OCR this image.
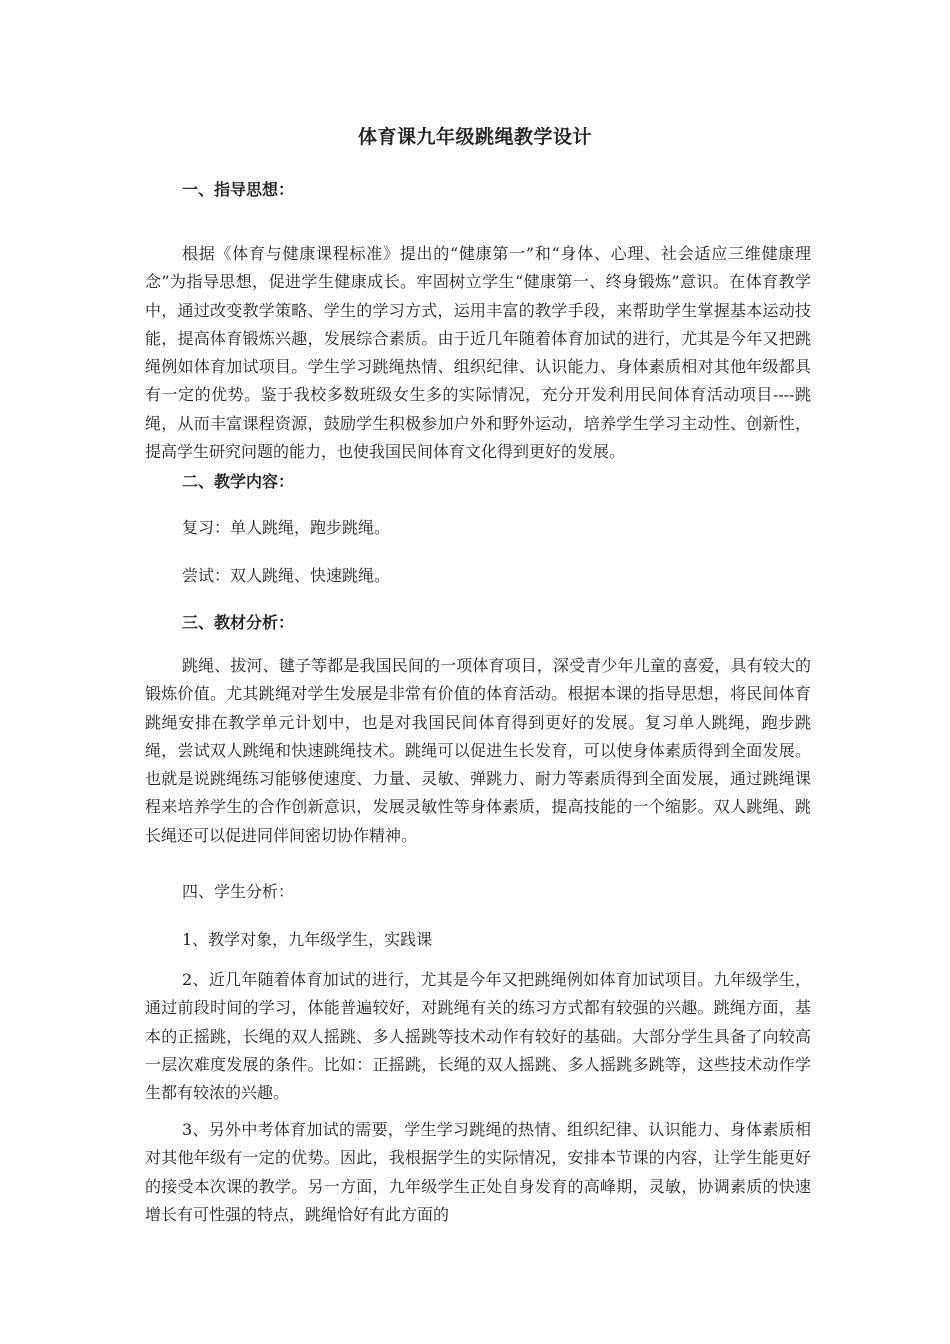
体育课九年级跳绳教学设计

一、指导思想：

根据《体育与健康课程标准》提出的“健康第一”和“身体、心理、社会适应三维健康理念”为指导思想，促进学生健康成长。牢固树立学生“健康第一、终身锻炼”意识。在体育教学中，通过改变教学策略、学生的学习方式，运用丰富的教学手段，来帮助学生掌握基本运动技能，提高体育锻炼兴趣，发展综合素质。由于近几年随着体育加试的进行，尤其是今年又把跳绳例如体育加试项目。学生学习跳绳热情、组织纪律、认识能力、身体素质相对其他年级都具有一定的优势。鉴于我校多数班级女生多的实际情况，充分开发利用民间体育活动项目----跳绳，从而丰富课程资源，鼓励学生积极参加户外和野外运动，培养学生学习主动性、创新性，提高学生研究问题的能力，也使我国民间体育文化得到更好的发展。

二、教学内容：

复习：单人跳绳，跑步跳绳。

尝试：双人跳绳、快速跳绳。

三、教材分析：

跳绳、拔河、毽子等都是我国民间的一项体育项目，深受青少年儿童的喜爱，具有较大的锻炼价值。尤其跳绳对学生发展是非常有价值的体育活动。根据本课的指导思想，将民间体育跳绳安排在教学单元计划中，也是对我国民间体育得到更好的发展。复习单人跳绳，跑步跳绳，尝试双人跳绳和快速跳绳技术。跳绳可以促进生长发育，可以使身体素质得到全面发展。也就是说跳绳练习能够使速度、力量、灵敏、弹跳力、耐力等素质得到全面发展，通过跳绳课程来培养学生的合作创新意识，发展灵敏性等身体素质，提高技能的一个缩影。双人跳绳、跳长绳还可以促进同伴间密切协作精神。

四、学生分析：

1、教学对象，九年级学生，实践课

2、近几年随着体育加试的进行，尤其是今年又把跳绳例如体育加试项目。九年级学生，通过前段时间的学习，体能普遍较好，对跳绳有关的练习方式都有较强的兴趣。跳绳方面，基本的正摇跳，长绳的双人摇跳、多人摇跳等技术动作有较好的基础。大部分学生具备了向较高一层次难度发展的条件。比如：正摇跳，长绳的双人摇跳、多人摇跳多跳等，这些技术动作学生都有较浓的兴趣。

3、另外中考体育加试的需要，学生学习跳绳的热情、组织纪律、认识能力、身体素质相对其他年级有一定的优势。因此，我根据学生的实际情况，安排本节课的内容，让学生能更好的接受本次课的教学。另一方面，九年级学生正处自身发育的高峰期，灵敏，协调素质的快速增长有可性强的特点，跳绳恰好有此方面的
